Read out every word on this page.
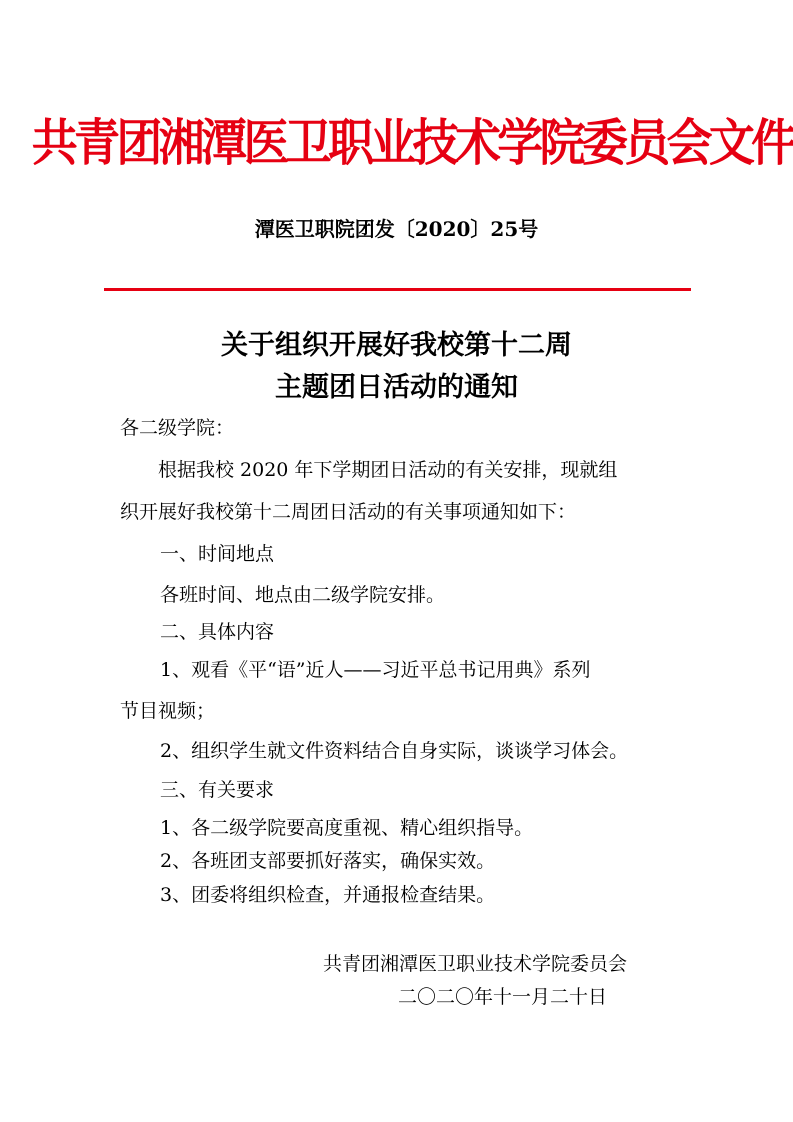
共青团湘潭医卫职业技术学院委员会文件
潭医卫职院团发〔2020〕25号
关于组织开展好我校第十二周
主题团日活动的通知
各二级学院：
根据我校 2020 年下学期团日活动的有关安排，现就组
织开展好我校第十二周团日活动的有关事项通知如下：
一、时间地点
各班时间、地点由二级学院安排。
二、具体内容
1、观看《平“语”近人——习近平总书记用典》系列
节目视频；
2、组织学生就文件资料结合自身实际，谈谈学习体会。
三、有关要求
1、各二级学院要高度重视、精心组织指导。
2、各班团支部要抓好落实，确保实效。
3、团委将组织检查，并通报检查结果。
共青团湘潭医卫职业技术学院委员会
二〇二〇年十一月二十日
